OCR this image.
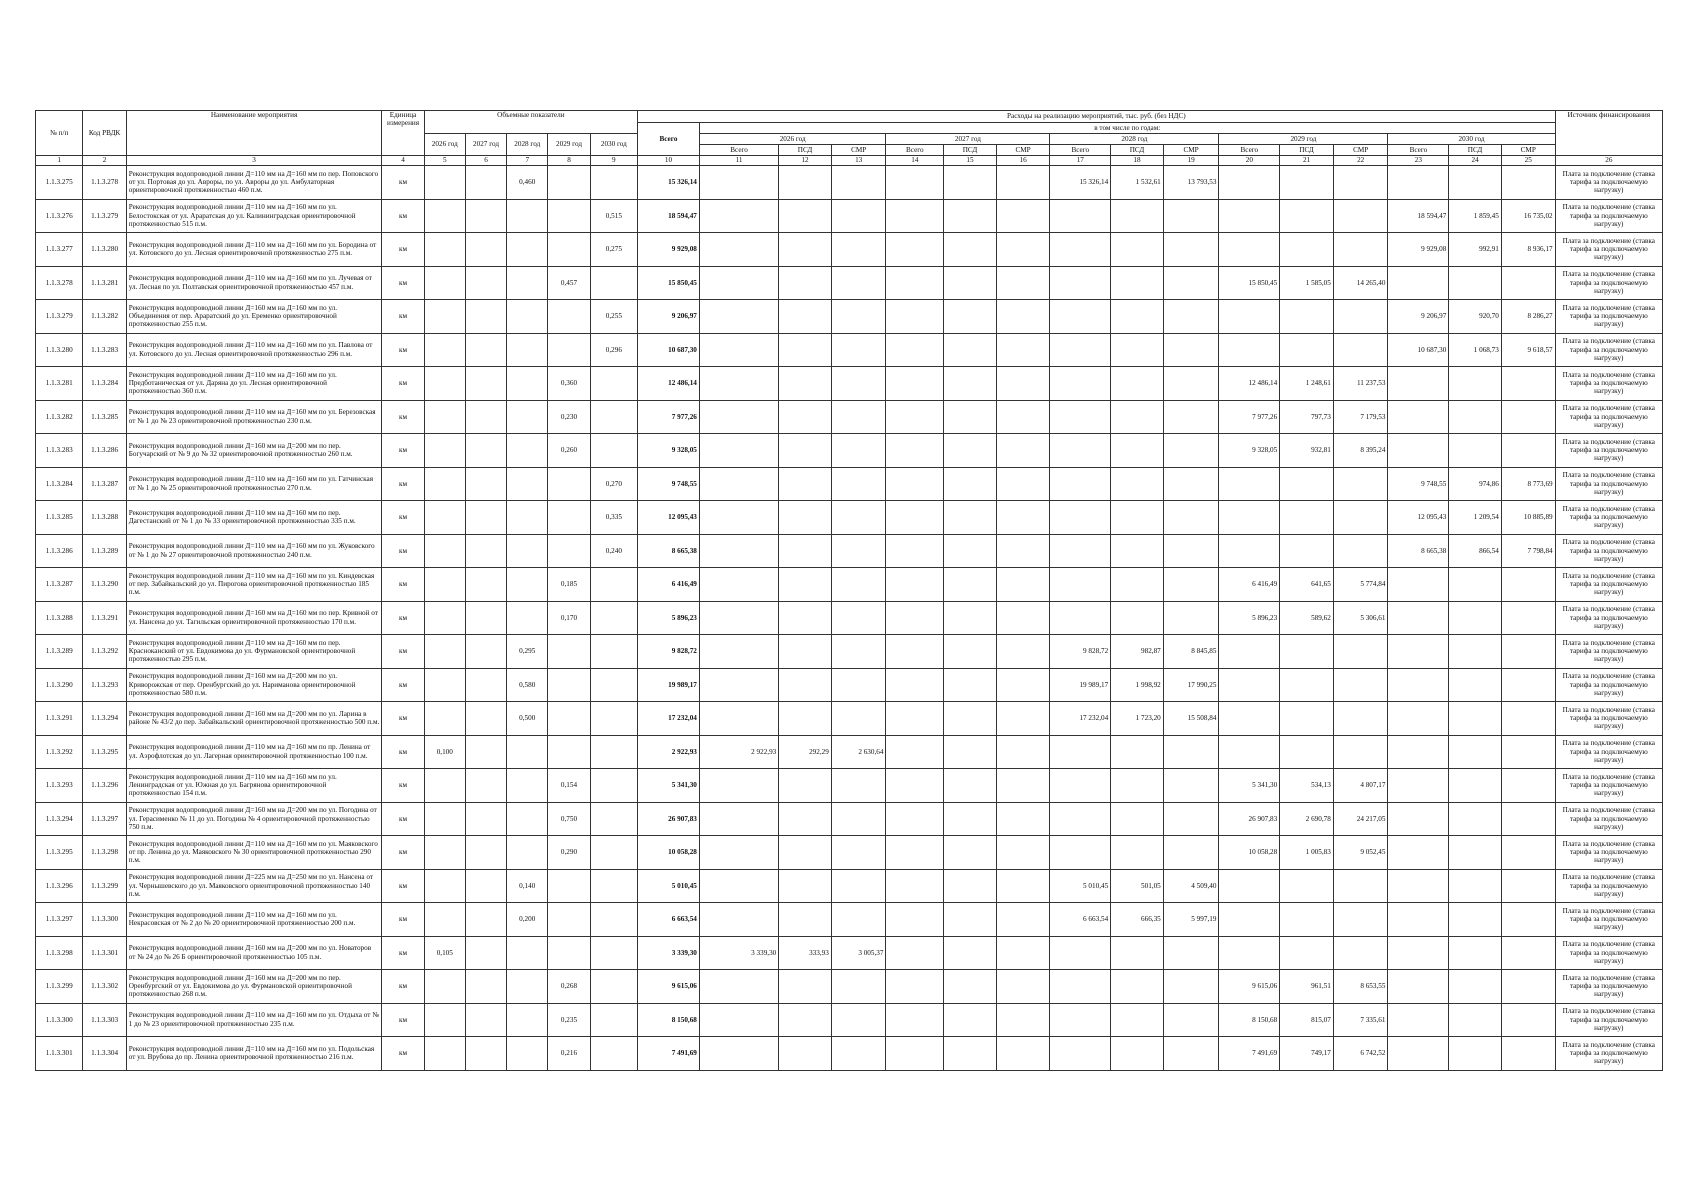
№ п/п	Код РВДК	Наименование мероприятия	Единица измерения	Объемные показатели					Расходы на реализацию мероприятий, тыс. руб. (без НДС)																Источник финансирования
									Всего	в том числе по годам:															
				2026 год	2027 год	2028 год	2029 год	2030 год		2026 год			2027 год			2028 год			2029 год			2030 год			
										Всего	ПСД	СМР	Всего	ПСД	СМР	Всего	ПСД	СМР	Всего	ПСД	СМР	Всего	ПСД	СМР	
1	2	3	4	5	6	7	8	9	10	11	12	13	14	15	16	17	18	19	20	21	22	23	24	25	26
1.1.3.275	1.1.3.278	Реконструкция водопроводной линии Д=110 мм на Д=160 мм по пер. Поповского от ул. Портовая до ул. Авроры, по ул. Авроры до ул. Амбулаторная ориентировочной протяженностью 460 п.м.	км			0,460			15 326,14							15 326,14	1 532,61	13 793,53							Плата за подключение (ставка тарифа за подключаемую нагрузку)
1.1.3.276	1.1.3.279	Реконструкция водопроводной линии Д=110 мм на Д=160 мм по ул. Белостокская от ул. Араратская до ул. Калининградская ориентировочной протяженностью 515 п.м.	км					0,515	18 594,47													18 594,47	1 859,45	16 735,02	Плата за подключение (ставка тарифа за подключаемую нагрузку)
1.1.3.277	1.1.3.280	Реконструкция водопроводной линии Д=110 мм на Д=160 мм по ул. Бородина от ул. Котовского до ул. Лесная ориентировочной протяженностью 275 п.м.	км					0,275	9 929,08													9 929,08	992,91	8 936,17	Плата за подключение (ставка тарифа за подключаемую нагрузку)
1.1.3.278	1.1.3.281	Реконструкция водопроводной линии Д=110 мм на Д=160 мм по ул. Лучевая от ул. Лесная по ул. Полтавская ориентировочной протяженностью 457 п.м.	км				0,457		15 850,45										15 850,45	1 585,05	14 265,40				Плата за подключение (ставка тарифа за подключаемую нагрузку)
1.1.3.279	1.1.3.282	Реконструкция водопроводной линии Д=160 мм на Д=160 мм по ул. Объединения от пер. Араратский до ул. Еременко ориентировочной протяженностью 255 п.м.	км					0,255	9 206,97													9 206,97	920,70	8 286,27	Плата за подключение (ставка тарифа за подключаемую нагрузку)
1.1.3.280	1.1.3.283	Реконструкция водопроводной линии Д=110 мм на Д=160 мм по ул. Павлова от ул. Котовского до ул. Лесная ориентировочной протяженностью 296 п.м.	км					0,296	10 687,30													10 687,30	1 068,73	9 618,57	Плата за подключение (ставка тарифа за подключаемую нагрузку)
1.1.3.281	1.1.3.284	Реконструкция водопроводной линии Д=110 мм на Д=160 мм по ул. Предботаническая от ул. Даряна до ул. Лесная ориентировочной протяженностью 360 п.м.	км				0,360		12 486,14										12 486,14	1 248,61	11 237,53				Плата за подключение (ставка тарифа за подключаемую нагрузку)
1.1.3.282	1.1.3.285	Реконструкция водопроводной линии Д=110 мм на Д=160 мм по ул. Березовская от № 1 до № 23 ориентировочной протяженностью 230 п.м.	км				0,230		7 977,26										7 977,26	797,73	7 179,53				Плата за подключение (ставка тарифа за подключаемую нагрузку)
1.1.3.283	1.1.3.286	Реконструкция водопроводной линии Д=160 мм на Д=200 мм по пер. Богучарский от № 9 до № 32 ориентировочной протяженностью 260 п.м.	км				0,260		9 328,05										9 328,05	932,81	8 395,24				Плата за подключение (ставка тарифа за подключаемую нагрузку)
1.1.3.284	1.1.3.287	Реконструкция водопроводной линии Д=110 мм на Д=160 мм по ул. Гатчинская от № 1 до № 25 ориентировочной протяженностью 270 п.м.	км					0,270	9 748,55													9 748,55	974,86	8 773,69	Плата за подключение (ставка тарифа за подключаемую нагрузку)
1.1.3.285	1.1.3.288	Реконструкция водопроводной линии Д=110 мм на Д=160 мм по пер. Дагестанский от № 1 до № 33 ориентировочной протяженностью 335 п.м.	км					0,335	12 095,43													12 095,43	1 209,54	10 885,89	Плата за подключение (ставка тарифа за подключаемую нагрузку)
1.1.3.286	1.1.3.289	Реконструкция водопроводной линии Д=110 мм на Д=160 мм по ул. Жуковского от № 1 до № 27 ориентировочной протяженностью 240 п.м.	км					0,240	8 665,38													8 665,38	866,54	7 798,84	Плата за подключение (ставка тарифа за подключаемую нагрузку)
1.1.3.287	1.1.3.290	Реконструкция водопроводной линии Д=110 мм на Д=160 мм по ул. Киндевская от пер. Забайкальский до ул. Пирогова ориентировочной протяженностью 185 п.м.	км				0,185		6 416,49										6 416,49	641,65	5 774,84				Плата за подключение (ставка тарифа за подключаемую нагрузку)
1.1.3.288	1.1.3.291	Реконструкция водопроводной линии Д=160 мм на Д=160 мм по пер. Кривной от ул. Нансена до ул. Тагильская ориентировочной протяженностью 170 п.м.	км				0,170		5 896,23										5 896,23	589,62	5 306,61				Плата за подключение (ставка тарифа за подключаемую нагрузку)
1.1.3.289	1.1.3.292	Реконструкция водопроводной линии Д=110 мм на Д=160 мм по пер. Красноканский от ул. Евдокимова до ул. Фурмановской ориентировочной протяженностью 295 п.м.	км			0,295			9 828,72							9 828,72	982,87	8 845,85							Плата за подключение (ставка тарифа за подключаемую нагрузку)
1.1.3.290	1.1.3.293	Реконструкция водопроводной линии Д=160 мм на Д=200 мм по ул. Криворожская от пер. Оренбургский до ул. Нариманова ориентировочной протяженностью 580 п.м.	км			0,580			19 989,17							19 989,17	1 998,92	17 990,25							Плата за подключение (ставка тарифа за подключаемую нагрузку)
1.1.3.291	1.1.3.294	Реконструкция водопроводной линии Д=160 мм на Д=200 мм по ул. Ларина в районе № 43/2 до пер. Забайкальский ориентировочной протяженностью 500 п.м.	км			0,500			17 232,04							17 232,04	1 723,20	15 508,84							Плата за подключение (ставка тарифа за подключаемую нагрузку)
1.1.3.292	1.1.3.295	Реконструкция водопроводной линии Д=110 мм на Д=160 мм по пр. Ленина от ул. Аэрофлотская до ул. Лагерная ориентировочной протяженностью 100 п.м.	км	0,100					2 922,93	2 922,93	292,29	2 630,64													Плата за подключение (ставка тарифа за подключаемую нагрузку)
1.1.3.293	1.1.3.296	Реконструкция водопроводной линии Д=110 мм на Д=160 мм по ул. Ленинградская от ул. Южная до ул. Багрянова ориентировочной протяженностью 154 п.м.	км				0,154		5 341,30										5 341,30	534,13	4 807,17				Плата за подключение (ставка тарифа за подключаемую нагрузку)
1.1.3.294	1.1.3.297	Реконструкция водопроводной линии Д=160 мм на Д=200 мм по ул. Погодина от ул. Герасименко № 11 до ул. Погодина № 4 ориентировочной протяженностью 750 п.м.	км				0,750		26 907,83										26 907,83	2 690,78	24 217,05				Плата за подключение (ставка тарифа за подключаемую нагрузку)
1.1.3.295	1.1.3.298	Реконструкция водопроводной линии Д=110 мм на Д=160 мм по ул. Маяковского от пр. Ленина до ул. Маяковского № 30 ориентировочной протяженностью 290 п.м.	км				0,290		10 058,28										10 058,28	1 005,83	9 052,45				Плата за подключение (ставка тарифа за подключаемую нагрузку)
1.1.3.296	1.1.3.299	Реконструкция водопроводной линии Д=225 мм на Д=250 мм по ул. Нансена от ул. Чернышевского до ул. Маяковского ориентировочной протяженностью 140 п.м.	км			0,140			5 010,45							5 010,45	501,05	4 509,40							Плата за подключение (ставка тарифа за подключаемую нагрузку)
1.1.3.297	1.1.3.300	Реконструкция водопроводной линии Д=110 мм на Д=160 мм по ул. Некрасовская от № 2 до № 20 ориентировочной протяженностью 200 п.м.	км			0,200			6 663,54							6 663,54	666,35	5 997,19							Плата за подключение (ставка тарифа за подключаемую нагрузку)
1.1.3.298	1.1.3.301	Реконструкция водопроводной линии Д=160 мм на Д=200 мм по ул. Новаторов от № 24 до № 26 Б ориентировочной протяженностью 105 п.м.	км	0,105					3 339,30	3 339,30	333,93	3 005,37													Плата за подключение (ставка тарифа за подключаемую нагрузку)
1.1.3.299	1.1.3.302	Реконструкция водопроводной линии Д=160 мм на Д=200 мм по пер. Оренбургский от ул. Евдокимова до ул. Фурмановской ориентировочной протяженностью 268 п.м.	км				0,268		9 615,06										9 615,06	961,51	8 653,55				Плата за подключение (ставка тарифа за подключаемую нагрузку)
1.1.3.300	1.1.3.303	Реконструкция водопроводной линии Д=110 мм на Д=160 мм по ул. Отдыха от № 1 до № 23 ориентировочной протяженностью 235 п.м.	км				0,235		8 150,68										8 150,68	815,07	7 335,61				Плата за подключение (ставка тарифа за подключаемую нагрузку)
1.1.3.301	1.1.3.304	Реконструкция водопроводной линии Д=110 мм на Д=160 мм по ул. Подольская от ул. Врубова до пр. Ленина ориентировочной протяженностью 216 п.м.	км				0,216		7 491,69										7 491,69	749,17	6 742,52				Плата за подключение (ставка тарифа за подключаемую нагрузку)
